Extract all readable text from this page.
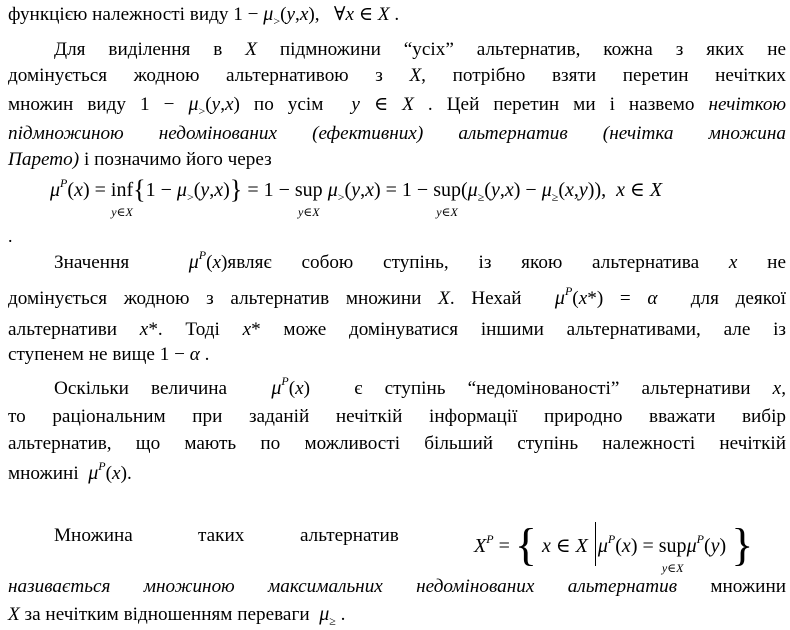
функцією належності виду $1 - \mu_>(y,x)$,   ∀x ∈ X .
Для виділення в X підмножини “усіх” альтернатив, кожна з яких не
домінується жодною альтернативою з X, потрібно взяти перетин нечітких
множин виду $1 - \mu_>(y,x)$ по усім  y ∈ X . Цей перетин ми і назвемо нечіткою
підмножиною недомінованих (ефективних) альтернатив (нечітка множина
Парето) і позначимо його через
$\mu^P(x)$ = inf
y∈X
$\{1 - \mu_>(y,x)\} = 1$ − sup
y∈X
$\mu_>(y,x) = 1$ − sup
y∈X
$(\mu_\ge(y,x) - \mu_\ge(x,y))$,  x ∈ X
.
Значення  $\mu^P(x)являє$ собою ступінь, із якою альтернатива x не
домінується жодною з альтернатив множини X. Нехай  $\mu^P(x*) = \alpha$  для деякої
альтернативи x*. Тоді x* може домінуватися іншими альтернативами, але із
ступенем не вище 1 − α .
Оскільки величина  $\mu^P(x)$  є ступінь “недомінованості” альтернативи x,
то раціональним при заданій нечіткій інформації природно вважати вибір
альтернатив, що мають по можливості більший ступінь належності нечіткій
множині  $\mu^P(x)$.
Множина	таких	альтернатив	$X^P$ = { x ∈ X $\mu^P(x)$ = sup
y∈X
$\mu^P(y)$ }
називається множиною максимальних недомінованих альтернатив множини
X за нечітким відношенням переваги  $\mu_\ge$ .
